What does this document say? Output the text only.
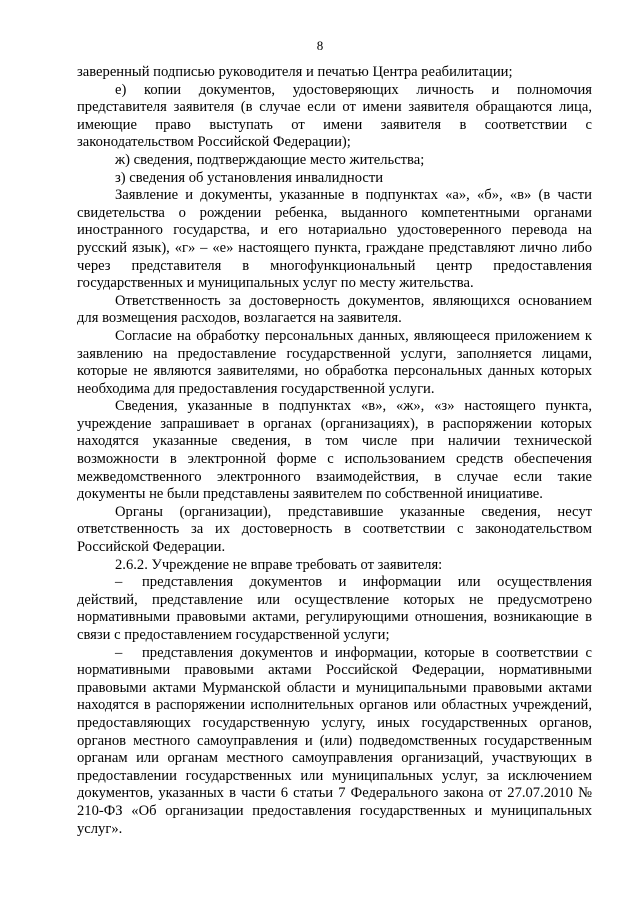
8

заверенный подписью руководителя и печатью Центра реабилитации;

е) копии документов, удостоверяющих личность и полномочия представителя заявителя (в случае если от имени заявителя обращаются лица, имеющие право выступать от имени заявителя в соответствии с законодательством Российской Федерации);

ж) сведения, подтверждающие место жительства;

з) сведения об установления инвалидности

Заявление и документы, указанные в подпунктах «а», «б», «в» (в части свидетельства о рождении ребенка, выданного компетентными органами иностранного государства, и его нотариально удостоверенного перевода на русский язык), «г» – «е» настоящего пункта, граждане представляют лично либо через представителя в многофункциональный центр предоставления государственных и муниципальных услуг по месту жительства.

Ответственность за достоверность документов, являющихся основанием для возмещения расходов, возлагается на заявителя.

Согласие на обработку персональных данных, являющееся приложением к заявлению на предоставление государственной услуги, заполняется лицами, которые не являются заявителями, но обработка персональных данных которых необходима для предоставления государственной услуги.

Сведения, указанные в подпунктах «в», «ж», «з» настоящего пункта, учреждение запрашивает в органах (организациях), в распоряжении которых находятся указанные сведения, в том числе при наличии технической возможности в электронной форме с использованием средств обеспечения межведомственного электронного взаимодействия, в случае если такие документы не были представлены заявителем по собственной инициативе.

Органы (организации), представившие указанные сведения, несут ответственность за их достоверность в соответствии с законодательством Российской Федерации.

2.6.2. Учреждение не вправе требовать от заявителя:

– представления документов и информации или осуществления действий, представление или осуществление которых не предусмотрено нормативными правовыми актами, регулирующими отношения, возникающие в связи с предоставлением государственной услуги;

– представления документов и информации, которые в соответствии с нормативными правовыми актами Российской Федерации, нормативными правовыми актами Мурманской области и муниципальными правовыми актами находятся в распоряжении исполнительных органов или областных учреждений, предоставляющих государственную услугу, иных государственных органов, органов местного самоуправления и (или) подведомственных государственным органам или органам местного самоуправления организаций, участвующих в предоставлении государственных или муниципальных услуг, за исключением документов, указанных в части 6 статьи 7 Федерального закона от 27.07.2010 № 210-ФЗ «Об организации предоставления государственных и муниципальных услуг».
